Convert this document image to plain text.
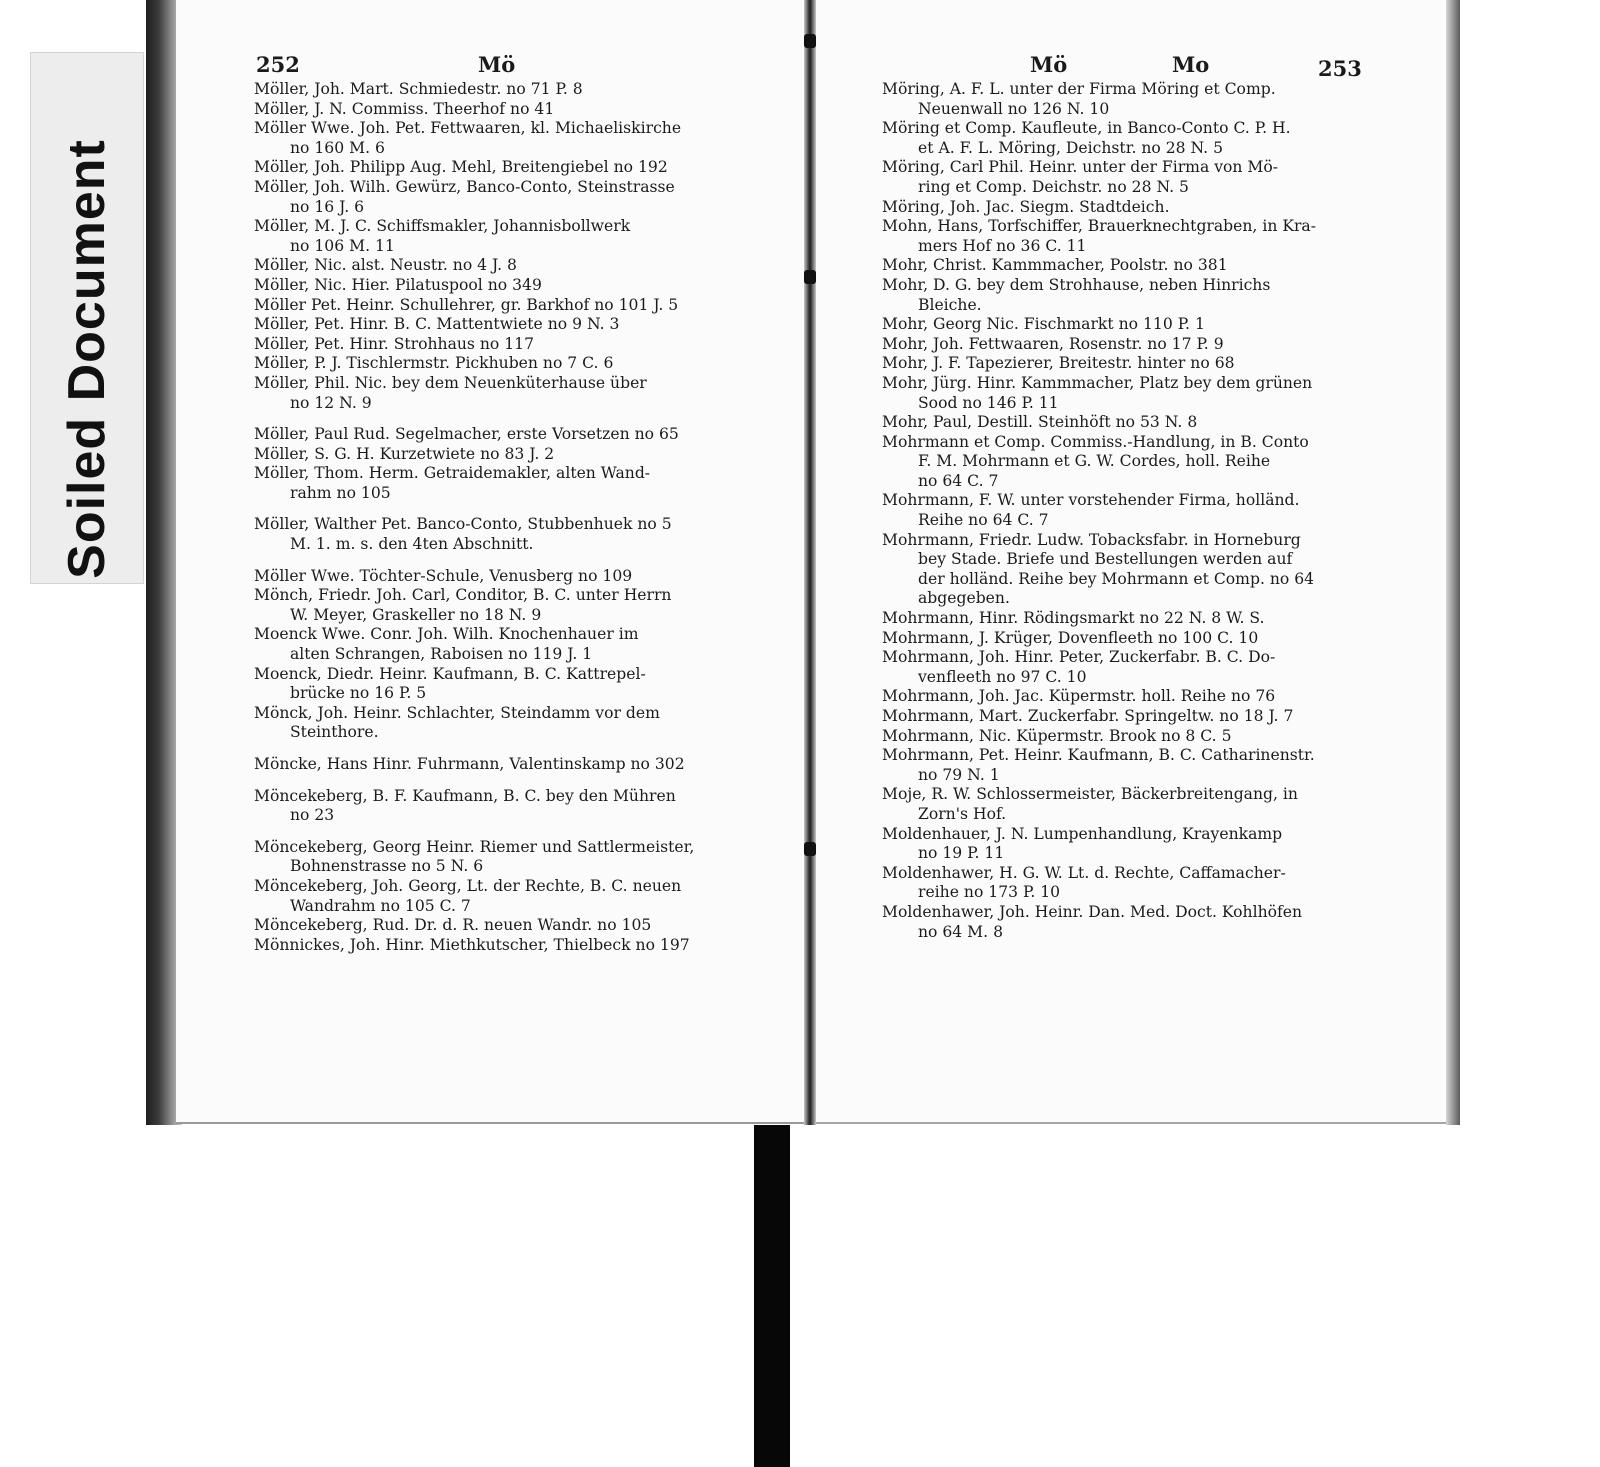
Soiled Document
252	Mö	Mö	Mo	253
Möller, Joh. Mart. Schmiedestr. no 71 P. 8
Möller, J. N. Commiss. Theerhof no 41
Möller Wwe. Joh. Pet. Fettwaaren, kl. Michaeliskirche
no 160 M. 6
Möller, Joh. Philipp Aug. Mehl, Breitengiebel no 192
Möller, Joh. Wilh. Gewürz, Banco-Conto, Steinstrasse
no 16 J. 6
Möller, M. J. C. Schiffsmakler, Johannisbollwerk
no 106 M. 11
Möller, Nic. alst. Neustr. no 4 J. 8
Möller, Nic. Hier. Pilatuspool no 349
Möller Pet. Heinr. Schullehrer, gr. Barkhof no 101 J. 5
Möller, Pet. Hinr. B. C. Mattentwiete no 9 N. 3
Möller, Pet. Hinr. Strohhaus no 117
Möller, P. J. Tischlermstr. Pickhuben no 7 C. 6
Möller, Phil. Nic. bey dem Neuenküterhause über
no 12 N. 9
Möller, Paul Rud. Segelmacher, erste Vorsetzen no 65
Möller, S. G. H. Kurzetwiete no 83 J. 2
Möller, Thom. Herm. Getraidemakler, alten Wand-
rahm no 105
Möller, Walther Pet. Banco-Conto, Stubbenhuek no 5
M. 1. m. s. den 4ten Abschnitt.
Möller Wwe. Töchter-Schule, Venusberg no 109
Mönch, Friedr. Joh. Carl, Conditor, B. C. unter Herrn
W. Meyer, Graskeller no 18 N. 9
Moenck Wwe. Conr. Joh. Wilh. Knochenhauer im
alten Schrangen, Raboisen no 119 J. 1
Moenck, Diedr. Heinr. Kaufmann, B. C. Kattrepel-
brücke no 16 P. 5
Mönck, Joh. Heinr. Schlachter, Steindamm vor dem
Steinthore.
Möncke, Hans Hinr. Fuhrmann, Valentinskamp no 302
Möncekeberg, B. F. Kaufmann, B. C. bey den Mühren
no 23
Möncekeberg, Georg Heinr. Riemer und Sattlermeister,
Bohnenstrasse no 5 N. 6
Möncekeberg, Joh. Georg, Lt. der Rechte, B. C. neuen
Wandrahm no 105 C. 7
Möncekeberg, Rud. Dr. d. R. neuen Wandr. no 105
Mönnickes, Joh. Hinr. Miethkutscher, Thielbeck no 197
Möring, A. F. L. unter der Firma Möring et Comp.
Neuenwall no 126 N. 10
Möring et Comp. Kaufleute, in Banco-Conto C. P. H.
et A. F. L. Möring, Deichstr. no 28 N. 5
Möring, Carl Phil. Heinr. unter der Firma von Mö-
ring et Comp. Deichstr. no 28 N. 5
Möring, Joh. Jac. Siegm. Stadtdeich.
Mohn, Hans, Torfschiffer, Brauerknechtgraben, in Kra-
mers Hof no 36 C. 11
Mohr, Christ. Kammmacher, Poolstr. no 381
Mohr, D. G. bey dem Strohhause, neben Hinrichs
Bleiche.
Mohr, Georg Nic. Fischmarkt no 110 P. 1
Mohr, Joh. Fettwaaren, Rosenstr. no 17 P. 9
Mohr, J. F. Tapezierer, Breitestr. hinter no 68
Mohr, Jürg. Hinr. Kammmacher, Platz bey dem grünen
Sood no 146 P. 11
Mohr, Paul, Destill. Steinhöft no 53 N. 8
Mohrmann et Comp. Commiss.-Handlung, in B. Conto
F. M. Mohrmann et G. W. Cordes, holl. Reihe
no 64 C. 7
Mohrmann, F. W. unter vorstehender Firma, holländ.
Reihe no 64 C. 7
Mohrmann, Friedr. Ludw. Tobacksfabr. in Horneburg
bey Stade. Briefe und Bestellungen werden auf
der holländ. Reihe bey Mohrmann et Comp. no 64
abgegeben.
Mohrmann, Hinr. Rödingsmarkt no 22 N. 8 W. S.
Mohrmann, J. Krüger, Dovenfleeth no 100 C. 10
Mohrmann, Joh. Hinr. Peter, Zuckerfabr. B. C. Do-
venfleeth no 97 C. 10
Mohrmann, Joh. Jac. Küpermstr. holl. Reihe no 76
Mohrmann, Mart. Zuckerfabr. Springeltw. no 18 J. 7
Mohrmann, Nic. Küpermstr. Brook no 8 C. 5
Mohrmann, Pet. Heinr. Kaufmann, B. C. Catharinenstr.
no 79 N. 1
Moje, R. W. Schlossermeister, Bäckerbreitengang, in
Zorn's Hof.
Moldenhauer, J. N. Lumpenhandlung, Krayenkamp
no 19 P. 11
Moldenhawer, H. G. W. Lt. d. Rechte, Caffamacher-
reihe no 173 P. 10
Moldenhawer, Joh. Heinr. Dan. Med. Doct. Kohlhöfen
no 64 M. 8
